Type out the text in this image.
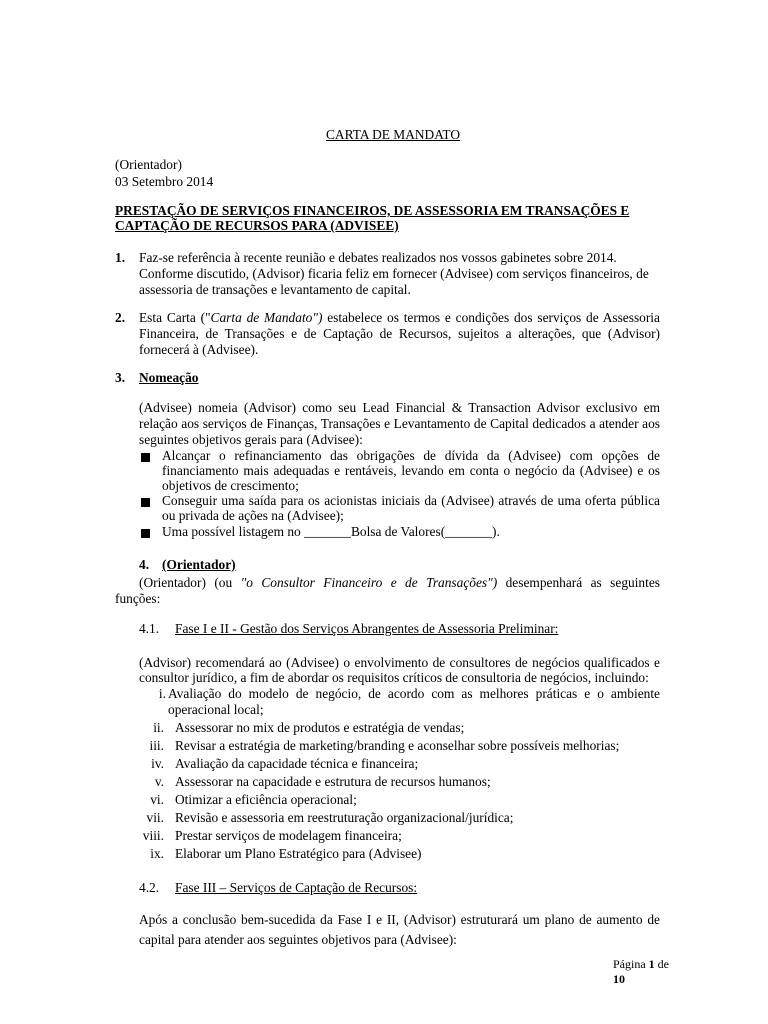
CARTA DE MANDATO
(Orientador)
03 Setembro 2014
PRESTAÇÃO DE SERVIÇOS FINANCEIROS, DE ASSESSORIA EM TRANSAÇÕES E
CAPTAÇÃO DE RECURSOS PARA (ADVISEE)
1. Faz-se referência à recente reunião e debates realizados nos vossos gabinetes sobre 2014.
Conforme discutido, (Advisor) ficaria feliz em fornecer (Advisee) com serviços financeiros, de
assessoria de transações e levantamento de capital.
2. Esta Carta ("Carta de Mandato") estabelece os termos e condições dos serviços de Assessoria
Financeira, de Transações e de Captação de Recursos, sujeitos a alterações, que (Advisor)
fornecerá à (Advisee).
3. Nomeação
(Advisee) nomeia (Advisor) como seu Lead Financial & Transaction Advisor exclusivo em
relação aos serviços de Finanças, Transações e Levantamento de Capital dedicados a atender aos
seguintes objetivos gerais para (Advisee):
Alcançar o refinanciamento das obrigações de dívida da (Advisee) com opções de
financiamento mais adequadas e rentáveis, levando em conta o negócio da (Advisee) e os
objetivos de crescimento;
Conseguir uma saída para os acionistas iniciais da (Advisee) através de uma oferta pública
ou privada de ações na (Advisee);
Uma possível listagem no _______Bolsa de Valores(_______).
4. (Orientador)
(Orientador) (ou "o Consultor Financeiro e de Transações") desempenhará as seguintes
funções:
4.1. Fase I e II - Gestão dos Serviços Abrangentes de Assessoria Preliminar:
(Advisor) recomendará ao (Advisee) o envolvimento de consultores de negócios qualificados e
consultor jurídico, a fim de abordar os requisitos críticos de consultoria de negócios, incluindo:
i. Avaliação do modelo de negócio, de acordo com as melhores práticas e o ambiente
operacional local;
ii. Assessorar no mix de produtos e estratégia de vendas;
iii. Revisar a estratégia de marketing/branding e aconselhar sobre possíveis melhorias;
iv. Avaliação da capacidade técnica e financeira;
v. Assessorar na capacidade e estrutura de recursos humanos;
vi. Otimizar a eficiência operacional;
vii. Revisão e assessoria em reestruturação organizacional/jurídica;
viii. Prestar serviços de modelagem financeira;
ix. Elaborar um Plano Estratégico para (Advisee)
4.2. Fase III – Serviços de Captação de Recursos:
Após a conclusão bem-sucedida da Fase I e II, (Advisor) estruturará um plano de aumento de
capital para atender aos seguintes objetivos para (Advisee):
Página 1 de
10
